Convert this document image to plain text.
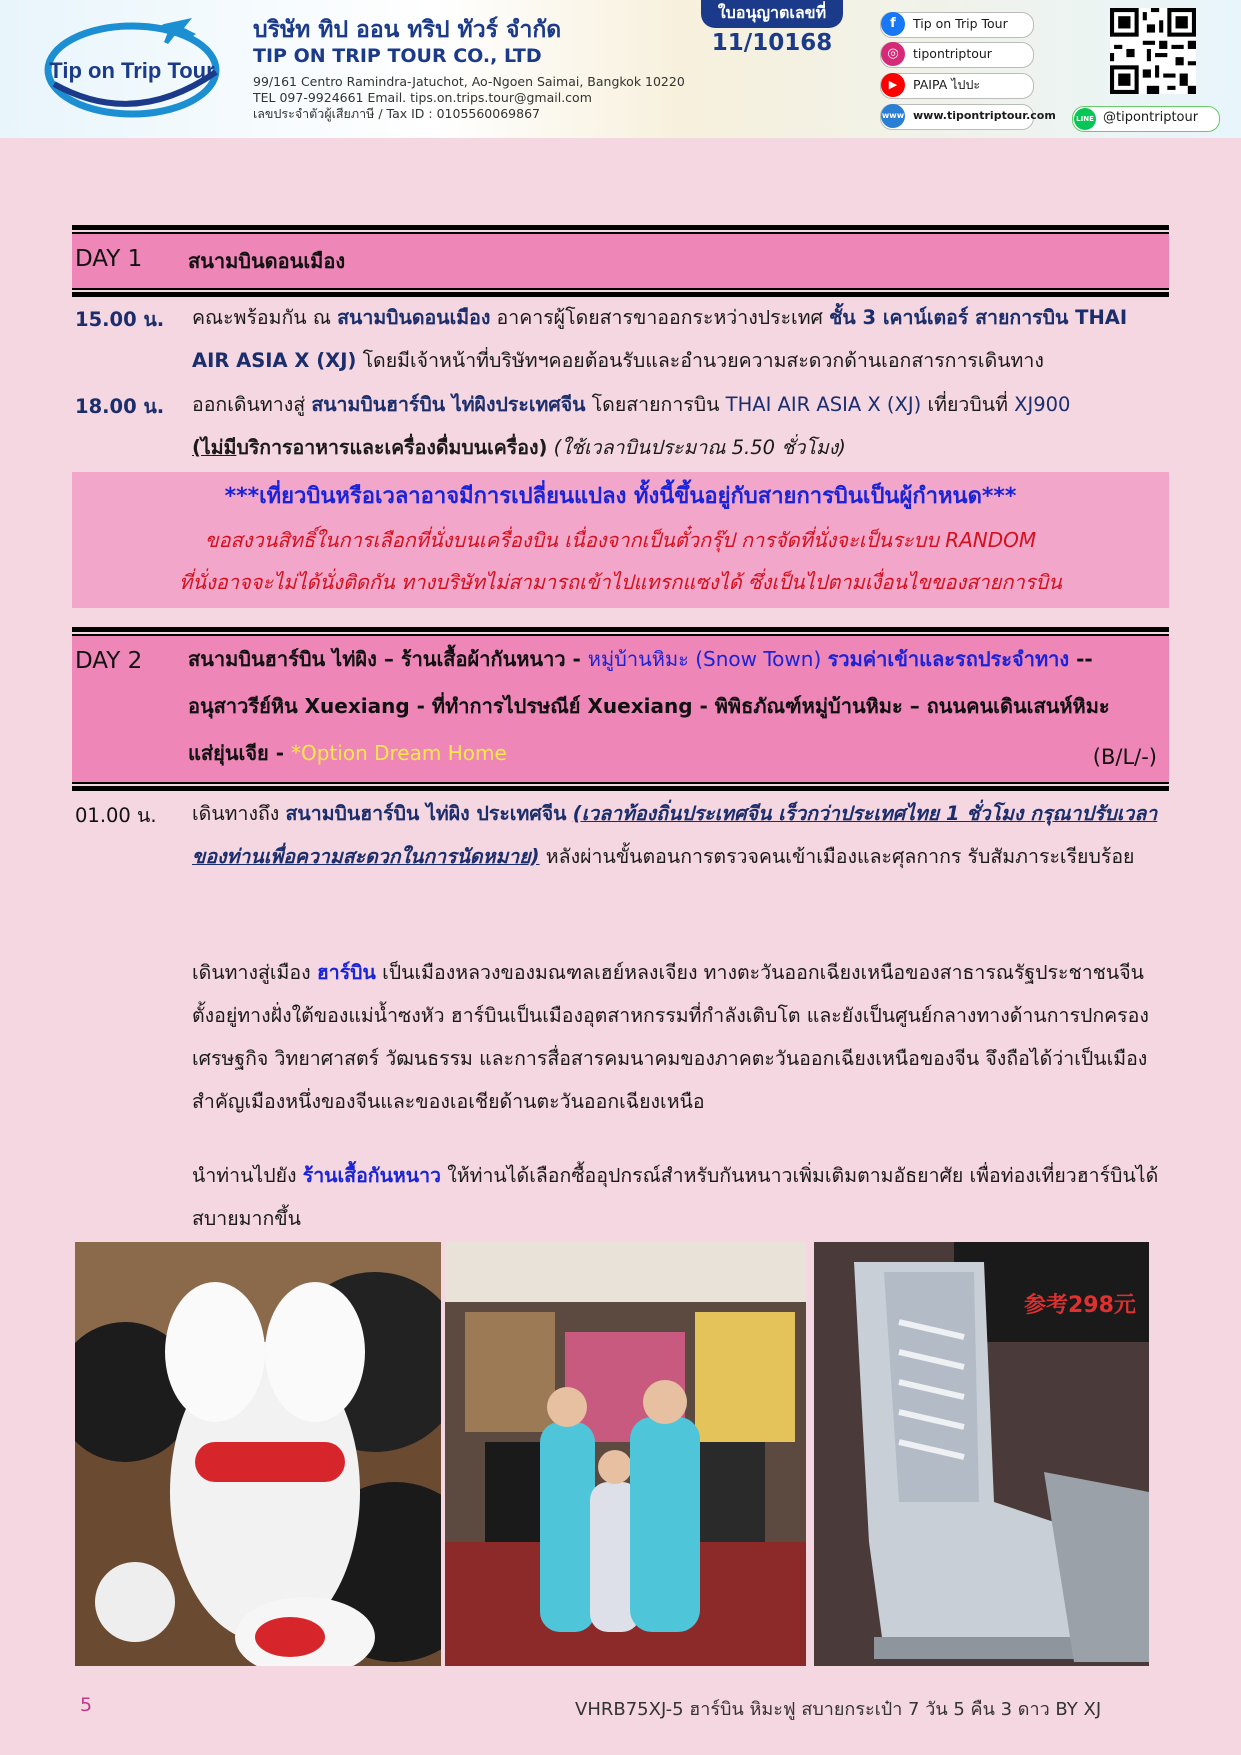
Tip on Trip Tour
บริษัท ทิป ออน ทริป ทัวร์ จำกัด
TIP ON TRIP TOUR CO., LTD
99/161 Centro Ramindra-Jatuchot, Ao-Ngoen Saimai, Bangkok 10220
TEL 097-9924661 Email. tips.on.trips.tour@gmail.com
เลขประจำตัวผู้เสียภาษี / Tax ID : 0105560069867
ใบอนุญาตเลขที่
11/10168
f	Tip on Trip Tour
◎	tipontriptour
▶	PAIPA ไปปะ
www www.tipontriptour.com	LINE @tipontriptour
DAY 1 สนามบินดอนเมือง
15.00 น. คณะพร้อมกัน ณ สนามบินดอนเมือง อาคารผู้โดยสารขาออกระหว่างประเทศ ชั้น 3 เคาน์เตอร์ สายการบิน THAI AIR ASIA X (XJ) โดยมีเจ้าหน้าที่บริษัทฯคอยต้อนรับและอำนวยความสะดวกด้านเอกสารการเดินทาง
18.00 น. ออกเดินทางสู่ สนามบินฮาร์บิน ไท่ผิงประเทศจีน โดยสายการบิน THAI AIR ASIA X (XJ) เที่ยวบินที่ XJ900
(ไม่มีบริการอาหารและเครื่องดื่มบนเครื่อง) (ใช้เวลาบินประมาณ 5.50 ชั่วโมง)
***เที่ยวบินหรือเวลาอาจมีการเปลี่ยนแปลง ทั้งนี้ขึ้นอยู่กับสายการบินเป็นผู้กำหนด***
ขอสงวนสิทธิ์ในการเลือกที่นั่งบนเครื่องบิน เนื่องจากเป็นตั๋วกรุ๊ป การจัดที่นั่งจะเป็นระบบ RANDOM
ที่นั่งอาจจะไม่ได้นั่งติดกัน ทางบริษัทไม่สามารถเข้าไปแทรกแซงได้ ซึ่งเป็นไปตามเงื่อนไขของสายการบิน
DAY 2 สนามบินฮาร์บิน ไท่ผิง – ร้านเสื้อผ้ากันหนาว - หมู่บ้านหิมะ (Snow Town) รวมค่าเข้าและรถประจำทาง --
อนุสาวรีย์หิน Xuexiang - ที่ทำการไปรษณีย์ Xuexiang - พิพิธภัณฑ์หมู่บ้านหิมะ – ถนนคนเดินเสนห์หิมะ
แส่ยุ่นเจีย - *Option Dream Home	(B/L/-)
01.00 น. เดินทางถึง สนามบินฮาร์บิน ไท่ผิง ประเทศจีน (เวลาท้องถิ่นประเทศจีน เร็วกว่าประเทศไทย 1 ชั่วโมง กรุณาปรับเวลาของท่านเพื่อความสะดวกในการนัดหมาย) หลังผ่านขั้นตอนการตรวจคนเข้าเมืองและศุลกากร รับสัมภาระเรียบร้อย
เดินทางสู่เมือง ฮาร์บิน เป็นเมืองหลวงของมณฑลเฮย์หลงเจียง ทางตะวันออกเฉียงเหนือของสาธารณรัฐประชาชนจีน ตั้งอยู่ทางฝั่งใต้ของแม่น้ำซงหัว ฮาร์บินเป็นเมืองอุตสาหกรรมที่กำลังเติบโต และยังเป็นศูนย์กลางทางด้านการปกครอง เศรษฐกิจ วิทยาศาสตร์ วัฒนธรรม และการสื่อสารคมนาคมของภาคตะวันออกเฉียงเหนือของจีน จึงถือได้ว่าเป็นเมืองสำคัญเมืองหนึ่งของจีนและของเอเชียด้านตะวันออกเฉียงเหนือ
นำท่านไปยัง ร้านเสื้อกันหนาว ให้ท่านได้เลือกซื้ออุปกรณ์สำหรับกันหนาวเพิ่มเติมตามอัธยาศัย เพื่อท่องเที่ยวฮาร์บินได้สบายมากขึ้น
参考298元
5	VHRB75XJ-5 ฮาร์บิน หิมะฟู สบายกระเป๋า 7 วัน 5 คืน 3 ดาว BY XJ
